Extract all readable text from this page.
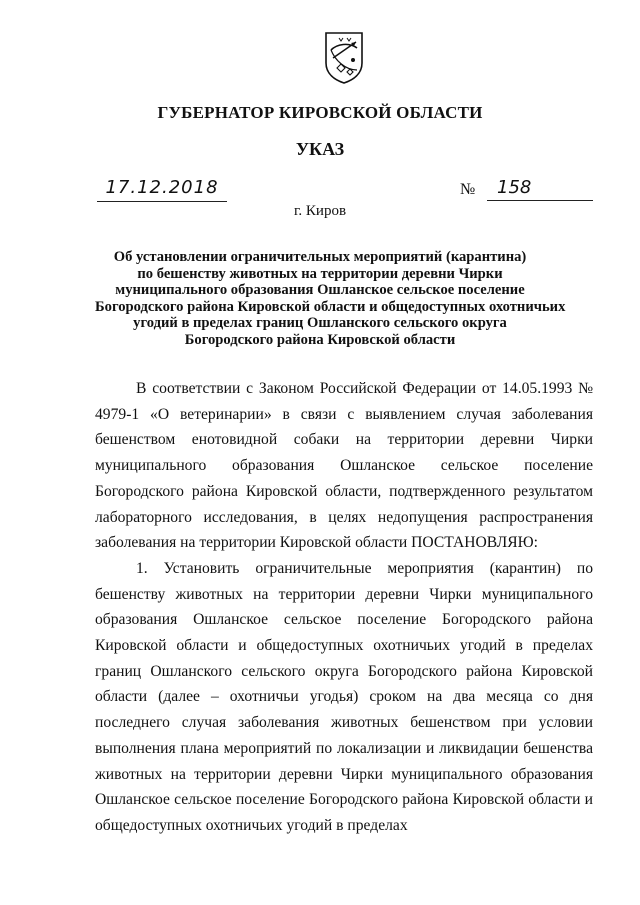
ГУБЕРНАТОР КИРОВСКОЙ ОБЛАСТИ
УКАЗ
17.12.2018	№	158
г. Киров
Об установлении ограничительных мероприятий (карантина)
по бешенству животных на территории деревни Чирки
муниципального образования Ошланское сельское поселение
Богородского района Кировской области и общедоступных охотничьих
угодий в пределах границ Ошланского сельского округа
Богородского района Кировской области

В соответствии с Законом Российской Федерации от 14.05.1993 № 4979-1 «О ветеринарии» в связи с выявлением случая заболевания бешенством енотовидной собаки на территории деревни Чирки муниципального образования Ошланское сельское поселение Богородского района Кировской области, подтвержденного результатом лабораторного исследования, в целях недопущения распространения заболевания на территории Кировской области ПОСТАНОВЛЯЮ:

1. Установить ограничительные мероприятия (карантин) по бешенству животных на территории деревни Чирки муниципального образования Ошланское сельское поселение Богородского района Кировской области и общедоступных охотничьих угодий в пределах границ Ошланского сельского округа Богородского района Кировской области (далее – охотничьи угодья) сроком на два месяца со дня последнего случая заболевания животных бешенством при условии выполнения плана мероприятий по локализации и ликвидации бешенства животных на территории деревни Чирки муниципального образования Ошланское сельское поселение Богородского района Кировской области и общедоступных охотничьих угодий в пределах
